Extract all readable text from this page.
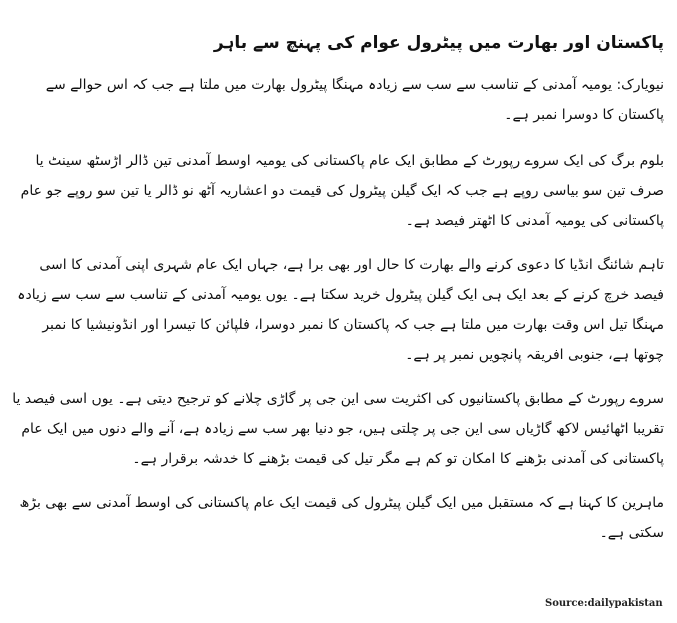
پاکستان اور بھارت میں پیٹرول عوام کی پہنچ سے باہر

نیویارک: یومیہ آمدنی کے تناسب سے سب سے زیادہ مہنگا پیٹرول بھارت میں ملتا ہے جب کہ اس حوالے سے پاکستان کا دوسرا نمبر ہے۔

بلوم برگ کی ایک سروے رپورٹ کے مطابق ایک عام پاکستانی کی یومیہ اوسط آمدنی تین ڈالر اڑسٹھ سینٹ یا صرف تین سو بیاسی روپے ہے جب کہ ایک گیلن پیٹرول کی قیمت دو اعشاریہ آٹھ نو ڈالر یا تین سو روپے جو عام پاکستانی کی یومیہ آمدنی کا اٹھتر فیصد ہے۔

تاہم شائنگ انڈیا کا دعوی کرنے والے بھارت کا حال اور بھی برا ہے، جہاں ایک عام شہری اپنی آمدنی کا اسی فیصد خرچ کرنے کے بعد ایک ہی ایک گیلن پیٹرول خرید سکتا ہے۔ یوں یومیہ آمدنی کے تناسب سے سب سے زیادہ مہنگا تیل اس وقت بھارت میں ملتا ہے جب کہ پاکستان کا نمبر دوسرا، فلپائن کا تیسرا اور انڈونیشیا کا نمبر چوتھا ہے، جنوبی افریقہ پانچویں نمبر پر ہے۔

سروے رپورٹ کے مطابق پاکستانیوں کی اکثریت سی این جی پر گاڑی چلانے کو ترجیح دیتی ہے۔ یوں اسی فیصد یا تقریبا اٹھائیس لاکھ گاڑیاں سی این جی پر چلتی ہیں، جو دنیا بھر سب سے زیادہ ہے، آنے والے دنوں میں ایک عام پاکستانی کی آمدنی بڑھنے کا امکان تو کم ہے مگر تیل کی قیمت بڑھنے کا خدشہ برقرار ہے۔

ماہرین کا کہنا ہے کہ مستقبل میں ایک گیلن پیٹرول کی قیمت ایک عام پاکستانی کی اوسط آمدنی سے بھی بڑھ سکتی ہے۔

Source:dailypakistan
